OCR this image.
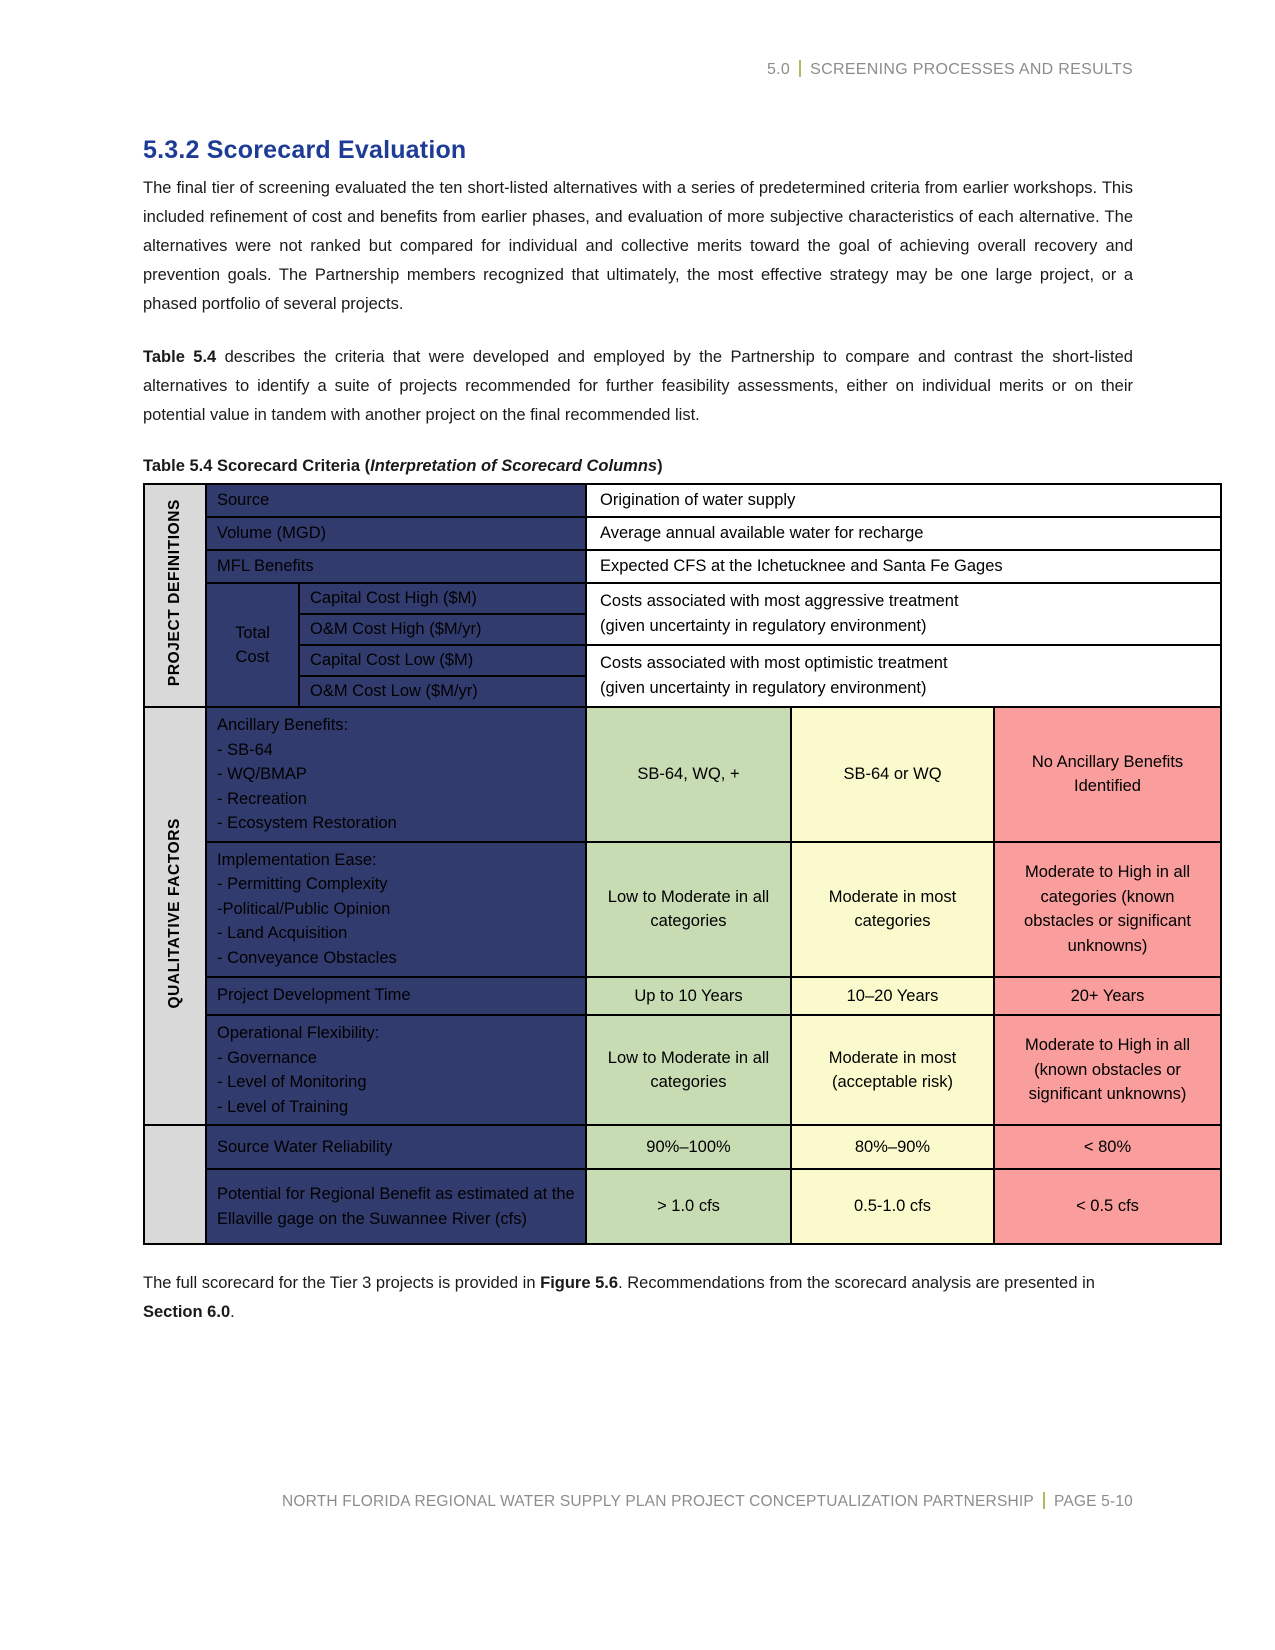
5.0 SCREENING PROCESSES AND RESULTS
5.3.2 Scorecard Evaluation

The final tier of screening evaluated the ten short-listed alternatives with a series of predetermined criteria from earlier workshops. This included refinement of cost and benefits from earlier phases, and evaluation of more subjective characteristics of each alternative. The alternatives were not ranked but compared for individual and collective merits toward the goal of achieving overall recovery and prevention goals. The Partnership members recognized that ultimately, the most effective strategy may be one large project, or a phased portfolio of several projects.

Table 5.4 describes the criteria that were developed and employed by the Partnership to compare and contrast the short-listed alternatives to identify a suite of projects recommended for further feasibility assessments, either on individual merits or on their potential value in tandem with another project on the final recommended list.

Table 5.4 Scorecard Criteria (Interpretation of Scorecard Columns)

PROJECT DEFINITIONS	Source		Origination of water supply		
	Volume (MGD)		Average annual available water for recharge		
	MFL Benefits		Expected CFS at the Ichetucknee and Santa Fe Gages		
	Total Cost	Capital Cost High ($M)	Costs associated with most aggressive treatment
(given uncertainty in regulatory environment)		

		O&M Cost High ($M/yr)			
		Capital Cost Low ($M)	Costs associated with most optimistic treatment
(given uncertainty in regulatory environment)		

		O&M Cost Low ($M/yr)			
QUALITATIVE FACTORS	Ancillary Benefits:
- SB-64
- WQ/BMAP
- Recreation
- Ecosystem Restoration		SB-64, WQ, +	SB-64 or WQ	No Ancillary Benefits Identified

	Implementation Ease:
- Permitting Complexity
-Political/Public Opinion
- Land Acquisition
- Conveyance Obstacles		Low to Moderate in all categories	Moderate in most categories	Moderate to High in all categories (known obstacles or significant unknowns)
	Project Development Time		Up to 10 Years	10–20 Years	20+ Years

	Operational Flexibility:
- Governance
- Level of Monitoring
- Level of Training		Low to Moderate in all categories	Moderate in most (acceptable risk)	Moderate to High in all (known obstacles or significant unknowns)
	Source Water Reliability		90%–100%	80%–90%	< 80%
	Potential for Regional Benefit as estimated at the Ellaville gage on the Suwannee River (cfs)		> 1.0 cfs	0.5-1.0 cfs	< 0.5 cfs

The full scorecard for the Tier 3 projects is provided in Figure 5.6. Recommendations from the scorecard analysis are presented in Section 6.0.

NORTH FLORIDA REGIONAL WATER SUPPLY PLAN PROJECT CONCEPTUALIZATION PARTNERSHIP PAGE 5-10
